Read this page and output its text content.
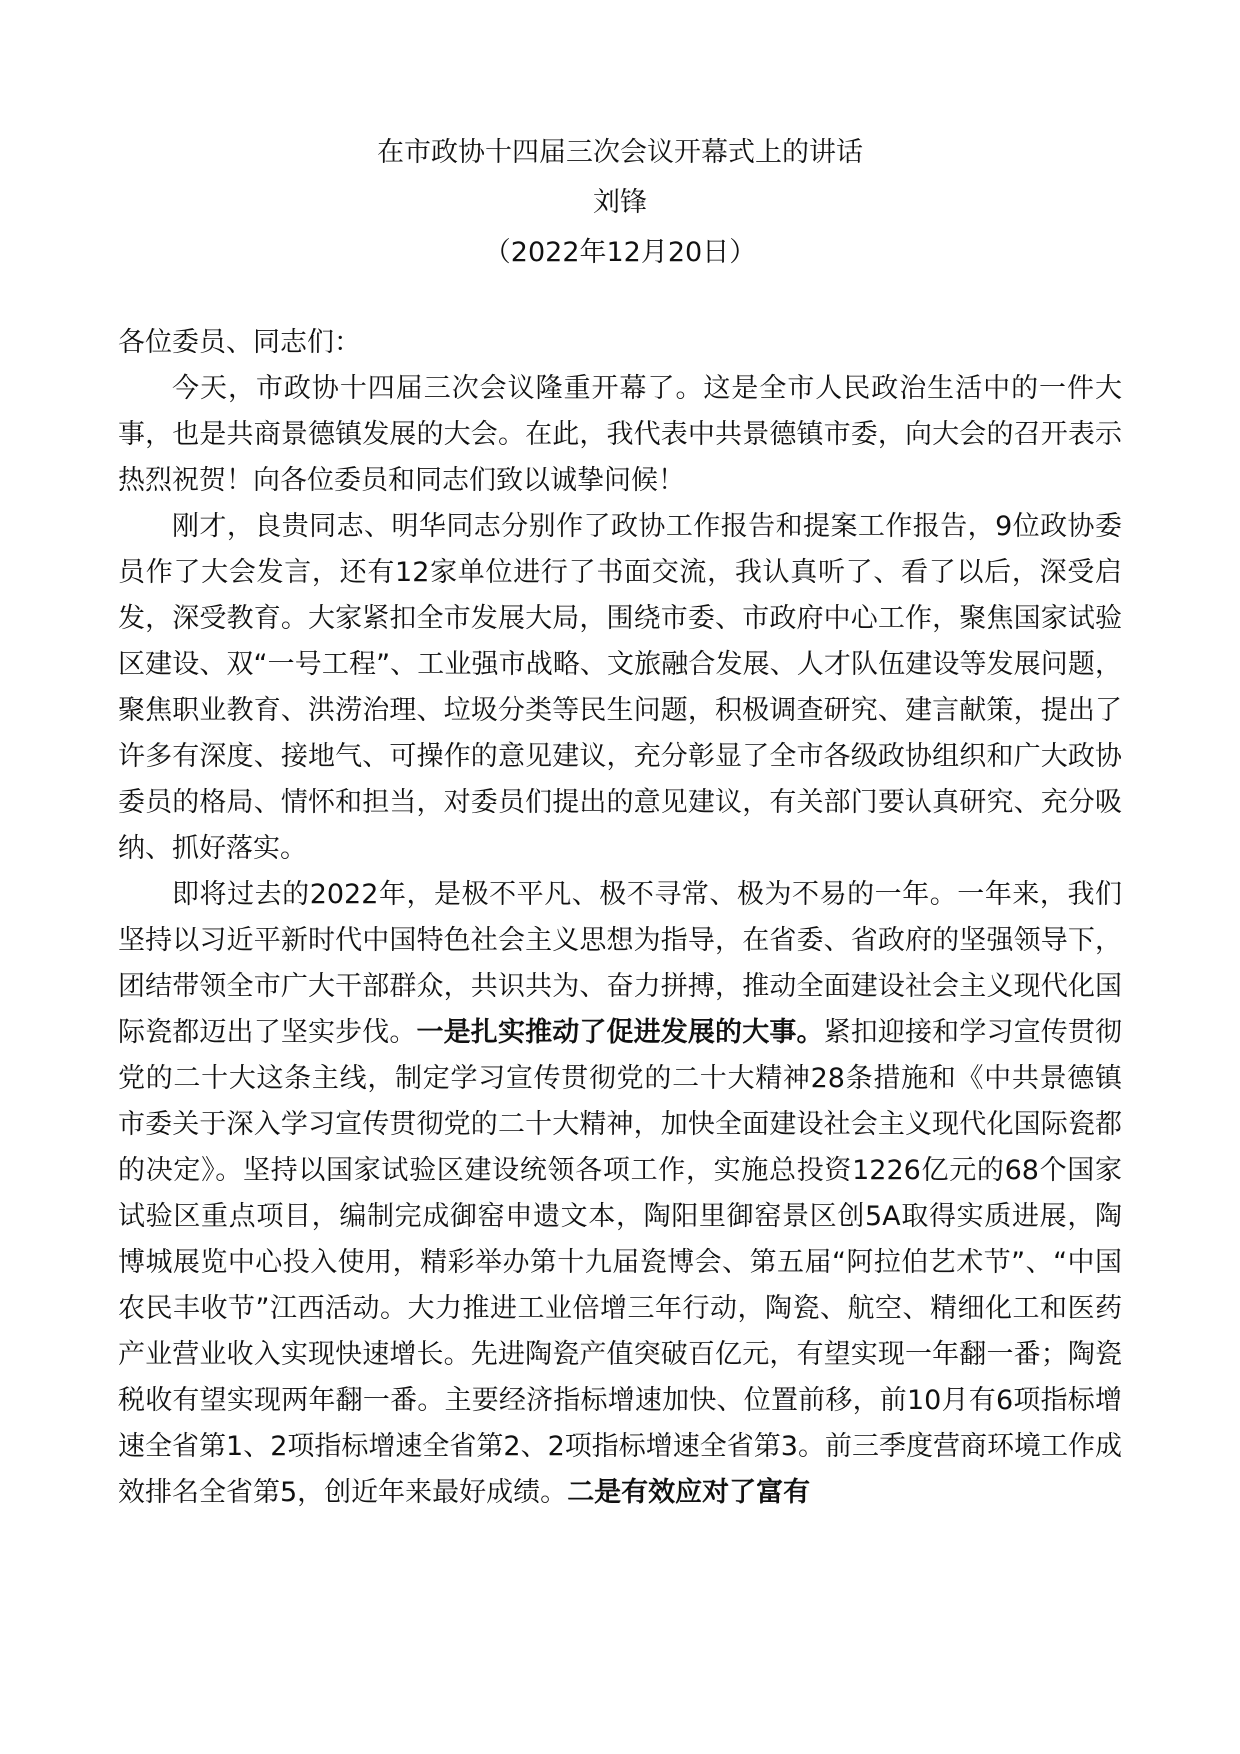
在市政协十四届三次会议开幕式上的讲话
刘锋
（2022年12月20日）

各位委员、同志们：

今天，市政协十四届三次会议隆重开幕了。这是全市人民政治生活中的一件大事，也是共商景德镇发展的大会。在此，我代表中共景德镇市委，向大会的召开表示热烈祝贺！向各位委员和同志们致以诚挚问候！

刚才，良贵同志、明华同志分别作了政协工作报告和提案工作报告，9位政协委员作了大会发言，还有12家单位进行了书面交流，我认真听了、看了以后，深受启发，深受教育。大家紧扣全市发展大局，围绕市委、市政府中心工作，聚焦国家试验区建设、双“一号工程”、工业强市战略、文旅融合发展、人才队伍建设等发展问题，聚焦职业教育、洪涝治理、垃圾分类等民生问题，积极调查研究、建言献策，提出了许多有深度、接地气、可操作的意见建议，充分彰显了全市各级政协组织和广大政协委员的格局、情怀和担当，对委员们提出的意见建议，有关部门要认真研究、充分吸纳、抓好落实。

即将过去的2022年，是极不平凡、极不寻常、极为不易的一年。一年来，我们坚持以习近平新时代中国特色社会主义思想为指导，在省委、省政府的坚强领导下，团结带领全市广大干部群众，共识共为、奋力拼搏，推动全面建设社会主义现代化国际瓷都迈出了坚实步伐。一是扎实推动了促进发展的大事。紧扣迎接和学习宣传贯彻党的二十大这条主线，制定学习宣传贯彻党的二十大精神28条措施和《中共景德镇市委关于深入学习宣传贯彻党的二十大精神，加快全面建设社会主义现代化国际瓷都的决定》。坚持以国家试验区建设统领各项工作，实施总投资1226亿元的68个国家试验区重点项目，编制完成御窑申遗文本，陶阳里御窑景区创5A取得实质进展，陶博城展览中心投入使用，精彩举办第十九届瓷博会、第五届“阿拉伯艺术节”、“中国农民丰收节”江西活动。大力推进工业倍增三年行动，陶瓷、航空、精细化工和医药产业营业收入实现快速增长。先进陶瓷产值突破百亿元，有望实现一年翻一番；陶瓷税收有望实现两年翻一番。主要经济指标增速加快、位置前移，前10月有6项指标增速全省第1、2项指标增速全省第2、2项指标增速全省第3。前三季度营商环境工作成效排名全省第5，创近年来最好成绩。二是有效应对了富有
